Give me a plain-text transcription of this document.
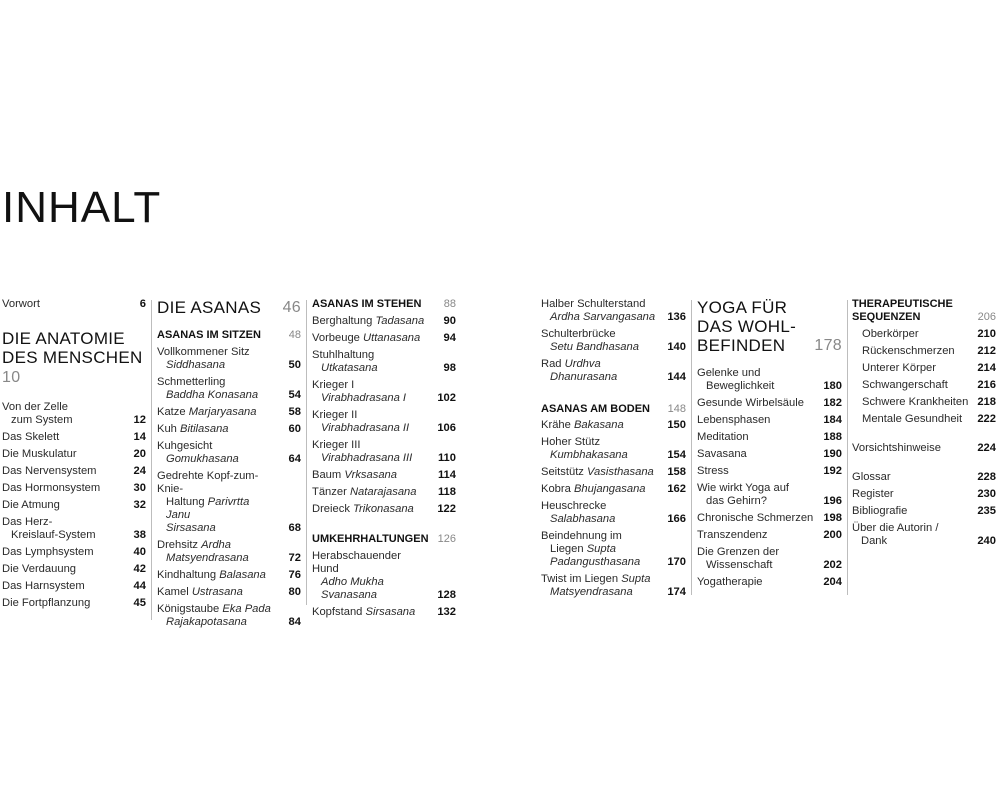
INHALT
Vorwort	6
DIE ANATOMIE
DES MENSCHEN 10
Von der Zelle
zum System	12
Das Skelett	14
Die Muskulatur	20
Das Nervensystem	24
Das Hormonsystem	30
Die Atmung	32
Das Herz-
Kreislauf-System	38
Das Lymphsystem	40
Die Verdauung	42
Das Harnsystem	44
Die Fortpflanzung	45
DIE ASANAS	46
ASANAS IM SITZEN	48
Vollkommener Sitz
Siddhasana	50
Schmetterling
Baddha Konasana	54
Katze Marjaryasana	58
Kuh Bitilasana	60
Kuhgesicht
Gomukhasana	64
Gedrehte Kopf-zum-Knie-
Haltung Parivrtta Janu
Sirsasana	68
Drehsitz Ardha
Matsyendrasana	72
Kindhaltung Balasana	76
Kamel Ustrasana	80
Königstaube Eka Pada
Rajakapotasana	84
ASANAS IM STEHEN	88
Berghaltung Tadasana	90
Vorbeuge Uttanasana	94
Stuhlhaltung
Utkatasana	98
Krieger I
Virabhadrasana I	102
Krieger II
Virabhadrasana II	106
Krieger III
Virabhadrasana III	110
Baum Vrksasana	114
Tänzer Natarajasana	118
Dreieck Trikonasana	122
UMKEHRHALTUNGEN 126
Herabschauender Hund
Adho Mukha
Svanasana	128
Kopfstand Sirsasana	132
Halber Schulterstand
Ardha Sarvangasana	136
Schulterbrücke
Setu Bandhasana	140
Rad Urdhva
Dhanurasana	144
ASANAS AM BODEN	148
Krähe Bakasana	150
Hoher Stütz
Kumbhakasana	154
Seitstütz Vasisthasana	158
Kobra Bhujangasana	162
Heuschrecke
Salabhasana	166
Beindehnung im
Liegen Supta
Padangusthasana	170
Twist im Liegen Supta
Matsyendrasana	174
YOGA FÜR
DAS WOHL-
BEFINDEN	178
Gelenke und
Beweglichkeit	180
Gesunde Wirbelsäule	182
Lebensphasen	184
Meditation	188
Savasana	190
Stress	192
Wie wirkt Yoga auf
das Gehirn?	196
Chronische Schmerzen 198
Transzendenz	200
Die Grenzen der
Wissenschaft	202
Yogatherapie	204
THERAPEUTISCHE
SEQUENZEN	206
Oberkörper	210
Rückenschmerzen	212
Unterer Körper	214
Schwangerschaft	216
Schwere Krankheiten 218
Mentale Gesundheit	222
Vorsichtshinweise	224
Glossar	228
Register	230
Bibliografie	235
Über die Autorin /
Dank	240
